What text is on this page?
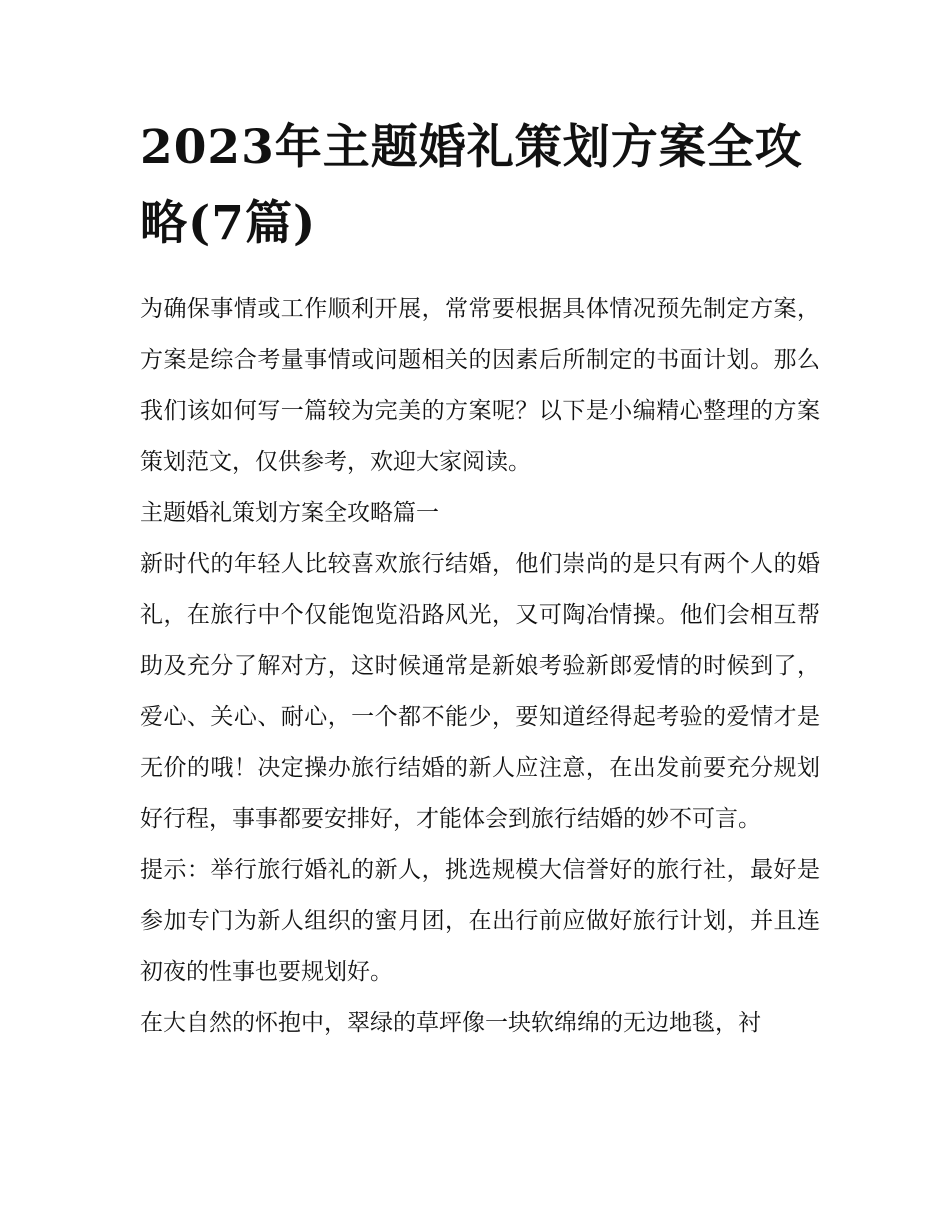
2023年主题婚礼策划方案全攻略(7篇)

为确保事情或工作顺利开展，常常要根据具体情况预先制定方案，方案是综合考量事情或问题相关的因素后所制定的书面计划。那么我们该如何写一篇较为完美的方案呢？以下是小编精心整理的方案策划范文，仅供参考，欢迎大家阅读。

主题婚礼策划方案全攻略篇一

新时代的年轻人比较喜欢旅行结婚，他们崇尚的是只有两个人的婚礼，在旅行中个仅能饱览沿路风光，又可陶冶情操。他们会相互帮助及充分了解对方，这时候通常是新娘考验新郎爱情的时候到了，爱心、关心、耐心，一个都不能少，要知道经得起考验的爱情才是无价的哦！决定操办旅行结婚的新人应注意，在出发前要充分规划好行程，事事都要安排好，才能体会到旅行结婚的妙不可言。

提示：举行旅行婚礼的新人，挑选规模大信誉好的旅行社，最好是参加专门为新人组织的蜜月团，在出行前应做好旅行计划，并且连初夜的性事也要规划好。

在大自然的怀抱中，翠绿的草坪像一块软绵绵的无边地毯，衬
